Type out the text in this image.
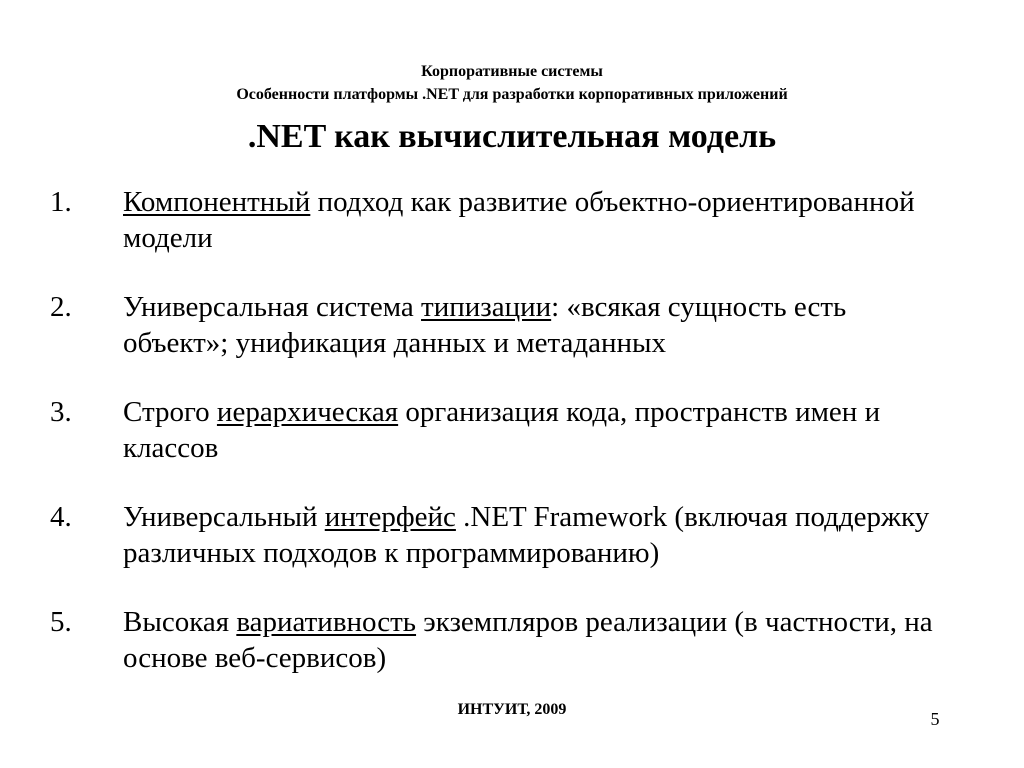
Корпоративные системы
Особенности платформы .NET для разработки корпоративных приложений
.NET как вычислительная модель
1. Компонентный подход как развитие объектно-ориентированной модели
2. Универсальная система типизации: «всякая сущность есть объект»; унификация данных и метаданных
3. Строго иерархическая организация кода, пространств имен и классов
4. Универсальный интерфейс .NET Framework (включая поддержку различных подходов к программированию)
5. Высокая вариативность экземпляров реализации (в частности, на основе веб-сервисов)
ИНТУИТ, 2009	5
